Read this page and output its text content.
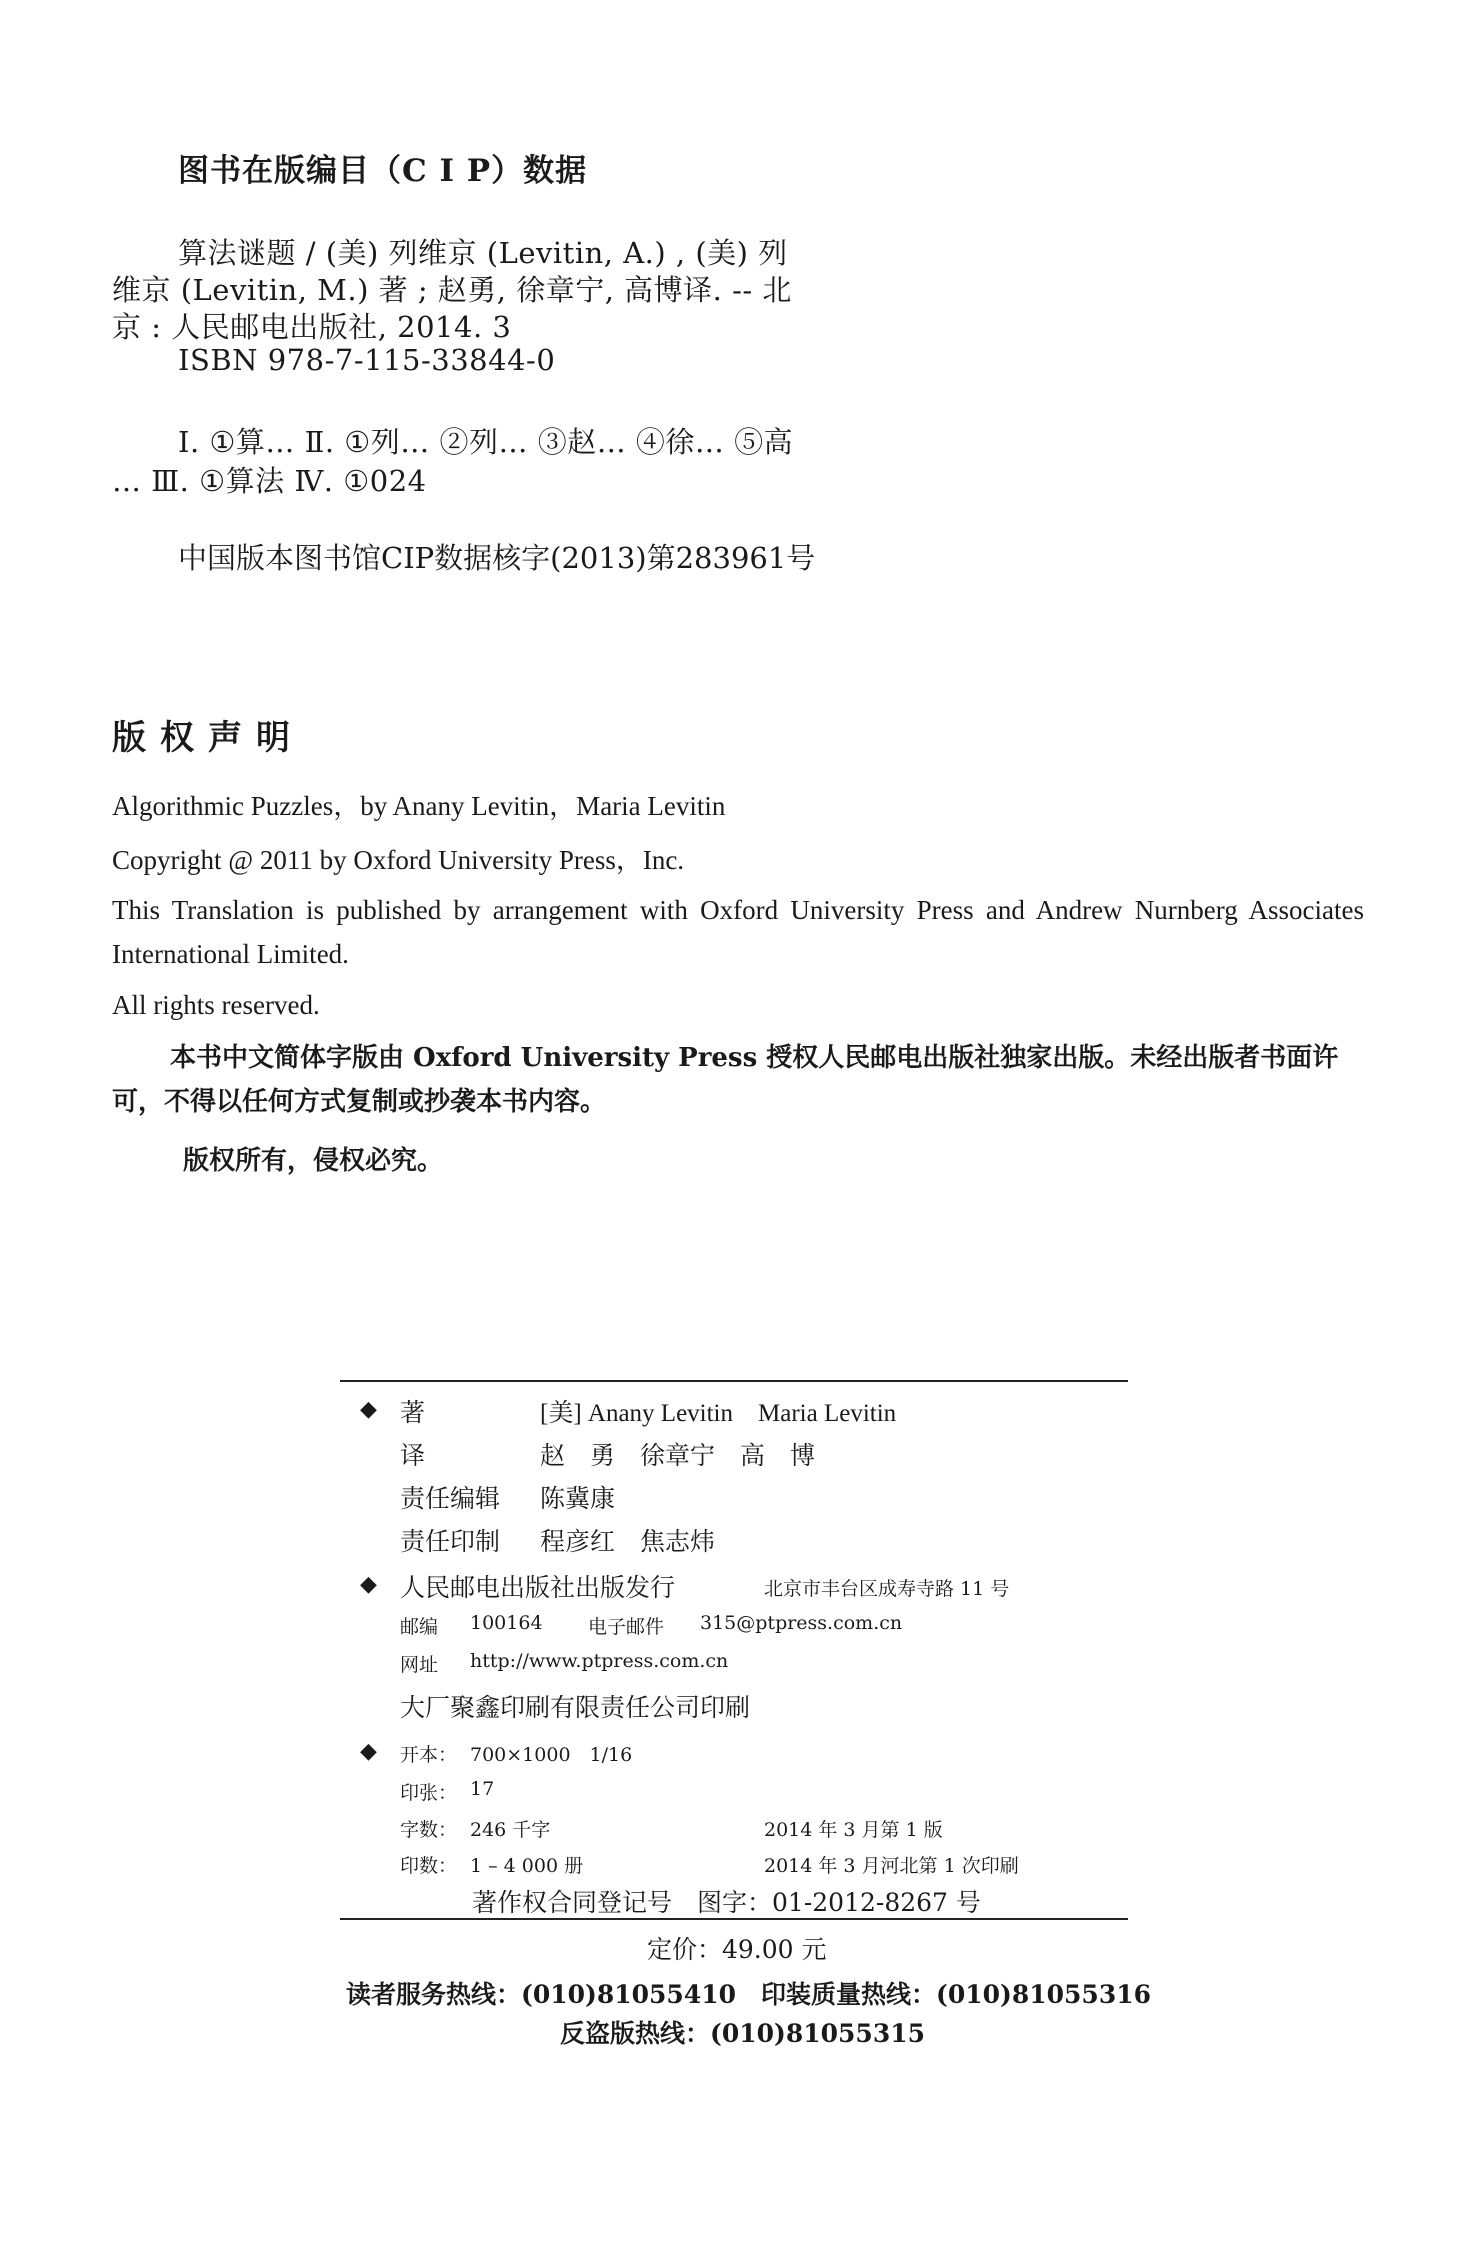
图书在版编目（C I P）数据
算法谜题 / (美) 列维京 (Levitin, A.) , (美) 列
维京 (Levitin, M.) 著 ; 赵勇, 徐章宁, 高博译. -- 北
京 : 人民邮电出版社, 2014. 3
ISBN 978-7-115-33844-0
Ⅰ. ①算… Ⅱ. ①列… ②列… ③赵… ④徐… ⑤高
… Ⅲ. ①算法 Ⅳ. ①024
中国版本图书馆CIP数据核字(2013)第283961号
版权声明
Algorithmic Puzzles，by Anany Levitin，Maria Levitin
Copyright @ 2011 by Oxford University Press，Inc.
This Translation is published by arrangement with Oxford University Press and Andrew Nurnberg Associates International Limited.
All rights reserved.
本书中文简体字版由 Oxford University Press 授权人民邮电出版社独家出版。未经出版者书面许可，不得以任何方式复制或抄袭本书内容。
版权所有，侵权必究。
◆ 著	[美] Anany Levitin　Maria Levitin
译	赵　勇　徐章宁　高　博
责任编辑 陈冀康
责任印制 程彦红　焦志炜
◆ 人民邮电出版社出版发行	北京市丰台区成寿寺路 11 号
邮编 100164 电子邮件 315@ptpress.com.cn
网址 http://www.ptpress.com.cn
大厂聚鑫印刷有限责任公司印刷
◆ 开本： 700×1000　1/16
印张： 17
字数： 246 千字	2014 年 3 月第 1 版
印数： 1 – 4 000 册	2014 年 3 月河北第 1 次印刷
著作权合同登记号　图字：01-2012-8267 号
定价：49.00 元
读者服务热线：(010)81055410　印装质量热线：(010)81055316
反盗版热线：(010)81055315
